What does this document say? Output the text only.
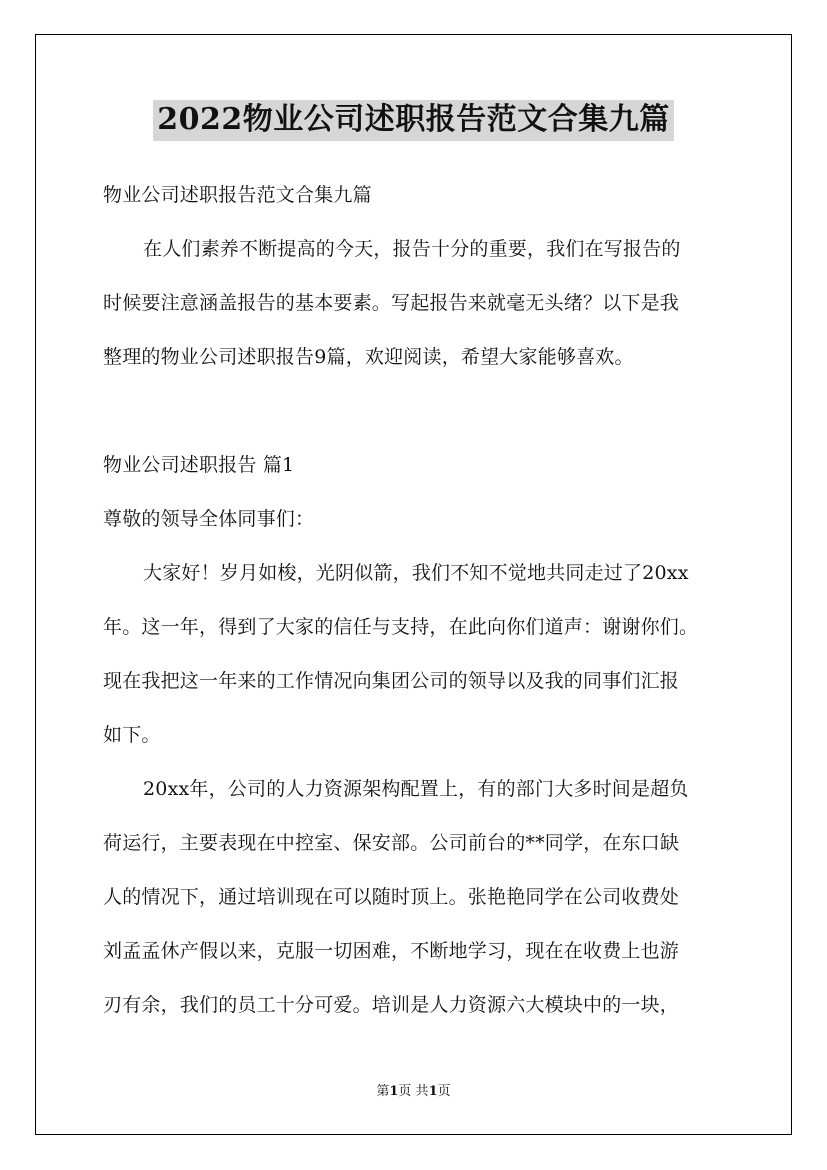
2022物业公司述职报告范文合集九篇
物业公司述职报告范文合集九篇
在人们素养不断提高的今天，报告十分的重要，我们在写报告的
时候要注意涵盖报告的基本要素。写起报告来就毫无头绪？以下是我
整理的物业公司述职报告9篇，欢迎阅读，希望大家能够喜欢。
物业公司述职报告 篇1
尊敬的领导全体同事们：
大家好！岁月如梭，光阴似箭，我们不知不觉地共同走过了20xx
年。这一年，得到了大家的信任与支持，在此向你们道声：谢谢你们。
现在我把这一年来的工作情况向集团公司的领导以及我的同事们汇报
如下。
20xx年，公司的人力资源架构配置上，有的部门大多时间是超负
荷运行，主要表现在中控室、保安部。公司前台的**同学，在东口缺
人的情况下，通过培训现在可以随时顶上。张艳艳同学在公司收费处
刘孟孟休产假以来，克服一切困难，不断地学习，现在在收费上也游
刃有余，我们的员工十分可爱。培训是人力资源六大模块中的一块，
第1页 共1页
